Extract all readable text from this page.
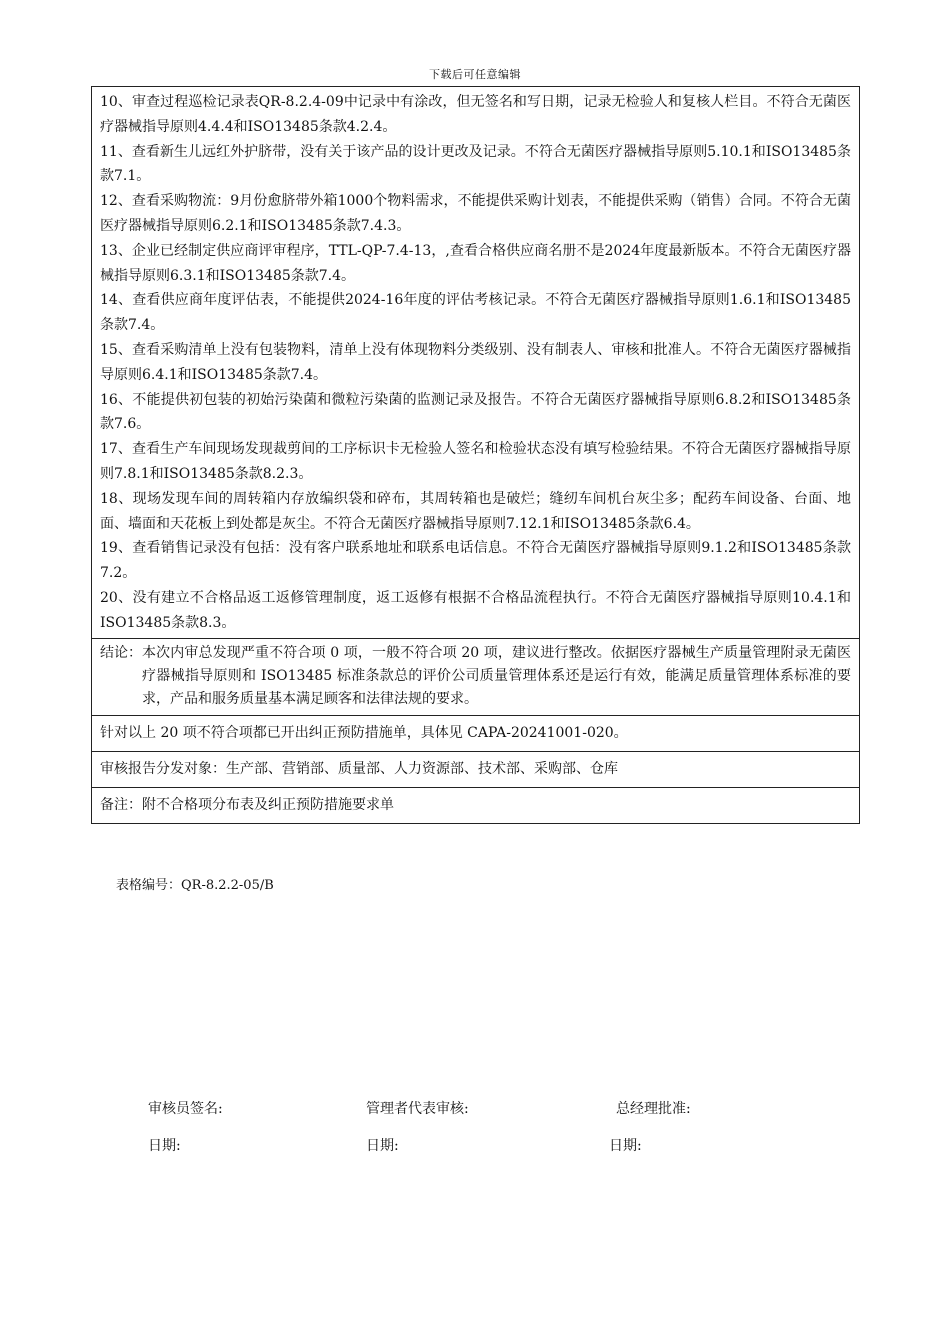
下载后可任意编辑

10、审查过程巡检记录表QR-8.2.4-09中记录中有涂改，但无签名和写日期，记录无检验人和复核人栏目。不符合无菌医疗器械指导原则4.4.4和ISO13485条款4.2.4。

11、查看新生儿远红外护脐带，没有关于该产品的设计更改及记录。不符合无菌医疗器械指导原则5.10.1和ISO13485条款7.1。

12、查看采购物流：9月份愈脐带外箱1000个物料需求，不能提供采购计划表，不能提供采购（销售）合同。不符合无菌医疗器械指导原则6.2.1和ISO13485条款7.4.3。

13、企业已经制定供应商评审程序，TTL-QP-7.4-13，,查看合格供应商名册不是2024年度最新版本。不符合无菌医疗器械指导原则6.3.1和ISO13485条款7.4。

14、查看供应商年度评估表，不能提供2024-16年度的评估考核记录。不符合无菌医疗器械指导原则1.6.1和ISO13485条款7.4。

15、查看采购清单上没有包装物料，清单上没有体现物料分类级别、没有制表人、审核和批准人。不符合无菌医疗器械指导原则6.4.1和ISO13485条款7.4。

16、不能提供初包装的初始污染菌和微粒污染菌的监测记录及报告。不符合无菌医疗器械指导原则6.8.2和ISO13485条款7.6。

17、查看生产车间现场发现裁剪间的工序标识卡无检验人签名和检验状态没有填写检验结果。不符合无菌医疗器械指导原则7.8.1和ISO13485条款8.2.3。

18、现场发现车间的周转箱内存放编织袋和碎布，其周转箱也是破烂；缝纫车间机台灰尘多；配药车间设备、台面、地面、墙面和天花板上到处都是灰尘。不符合无菌医疗器械指导原则7.12.1和ISO13485条款6.4。

19、查看销售记录没有包括：没有客户联系地址和联系电话信息。不符合无菌医疗器械指导原则9.1.2和ISO13485条款7.2。

20、没有建立不合格品返工返修管理制度，返工返修有根据不合格品流程执行。不符合无菌医疗器械指导原则10.4.1和ISO13485条款8.3。

结论： 本次内审总发现严重不符合项 0 项，一般不符合项 20 项，建议进行整改。依据医疗器械生产质量管理附录无菌医疗器械指导原则和 ISO13485 标准条款总的评价公司质量管理体系还是运行有效，能满足质量管理体系标准的要求，产品和服务质量基本满足顾客和法律法规的要求。
针对以上 20 项不符合项都已开出纠正预防措施单，具体见 CAPA-20241001-020。
审核报告分发对象：生产部、营销部、质量部、人力资源部、技术部、采购部、仓库
备注：附不合格项分布表及纠正预防措施要求单
表格编号：QR-8.2.2-05/B
审核员签名:	管理者代表审核:	总经理批准:
日期:	日期:	日期:
